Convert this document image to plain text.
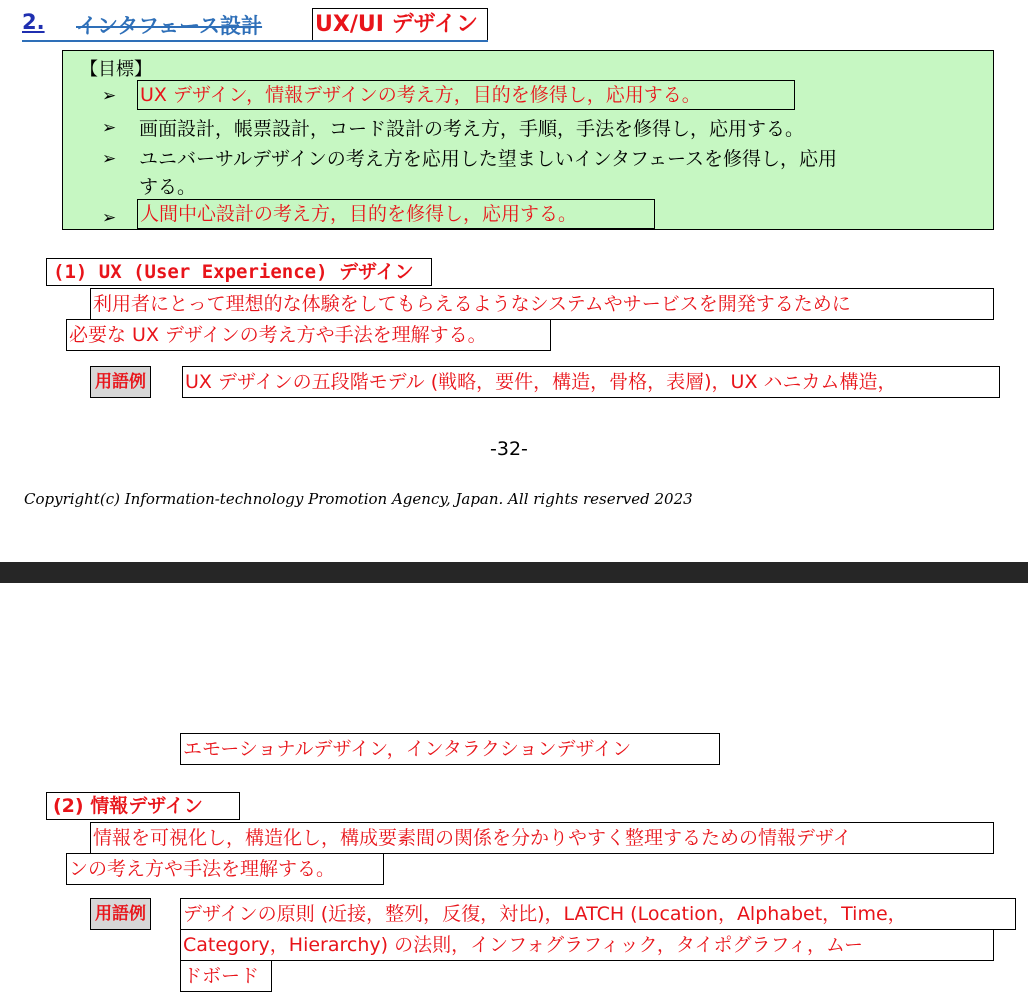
2. インタフェース設計 UX/UI デザイン
【目標】
➢ UX デザイン，情報デザインの考え方，目的を修得し，応用する。
➢ 画面設計，帳票設計，コード設計の考え方，手順，手法を修得し，応用する。
➢ ユニバーサルデザインの考え方を応用した望ましいインタフェースを修得し，応用
する。
➢ 人間中心設計の考え方，目的を修得し，応用する。
(1) UX (User Experience) デザイン
利用者にとって理想的な体験をしてもらえるようなシステムやサービスを開発するために
必要な UX デザインの考え方や手法を理解する。
用語例 UX デザインの五段階モデル (戦略，要件，構造，骨格，表層)，UX ハニカム構造，
-32-
Copyright(c) Information-technology Promotion Agency, Japan. All rights reserved 2023
エモーショナルデザイン，インタラクションデザイン
(2) 情報デザイン
情報を可視化し，構造化し，構成要素間の関係を分かりやすく整理するための情報デザイ
ンの考え方や手法を理解する。
用語例 デザインの原則 (近接，整列，反復，対比)，LATCH (Location，Alphabet，Time，
Category，Hierarchy) の法則，インフォグラフィック，タイポグラフィ，ムー
ドボード
